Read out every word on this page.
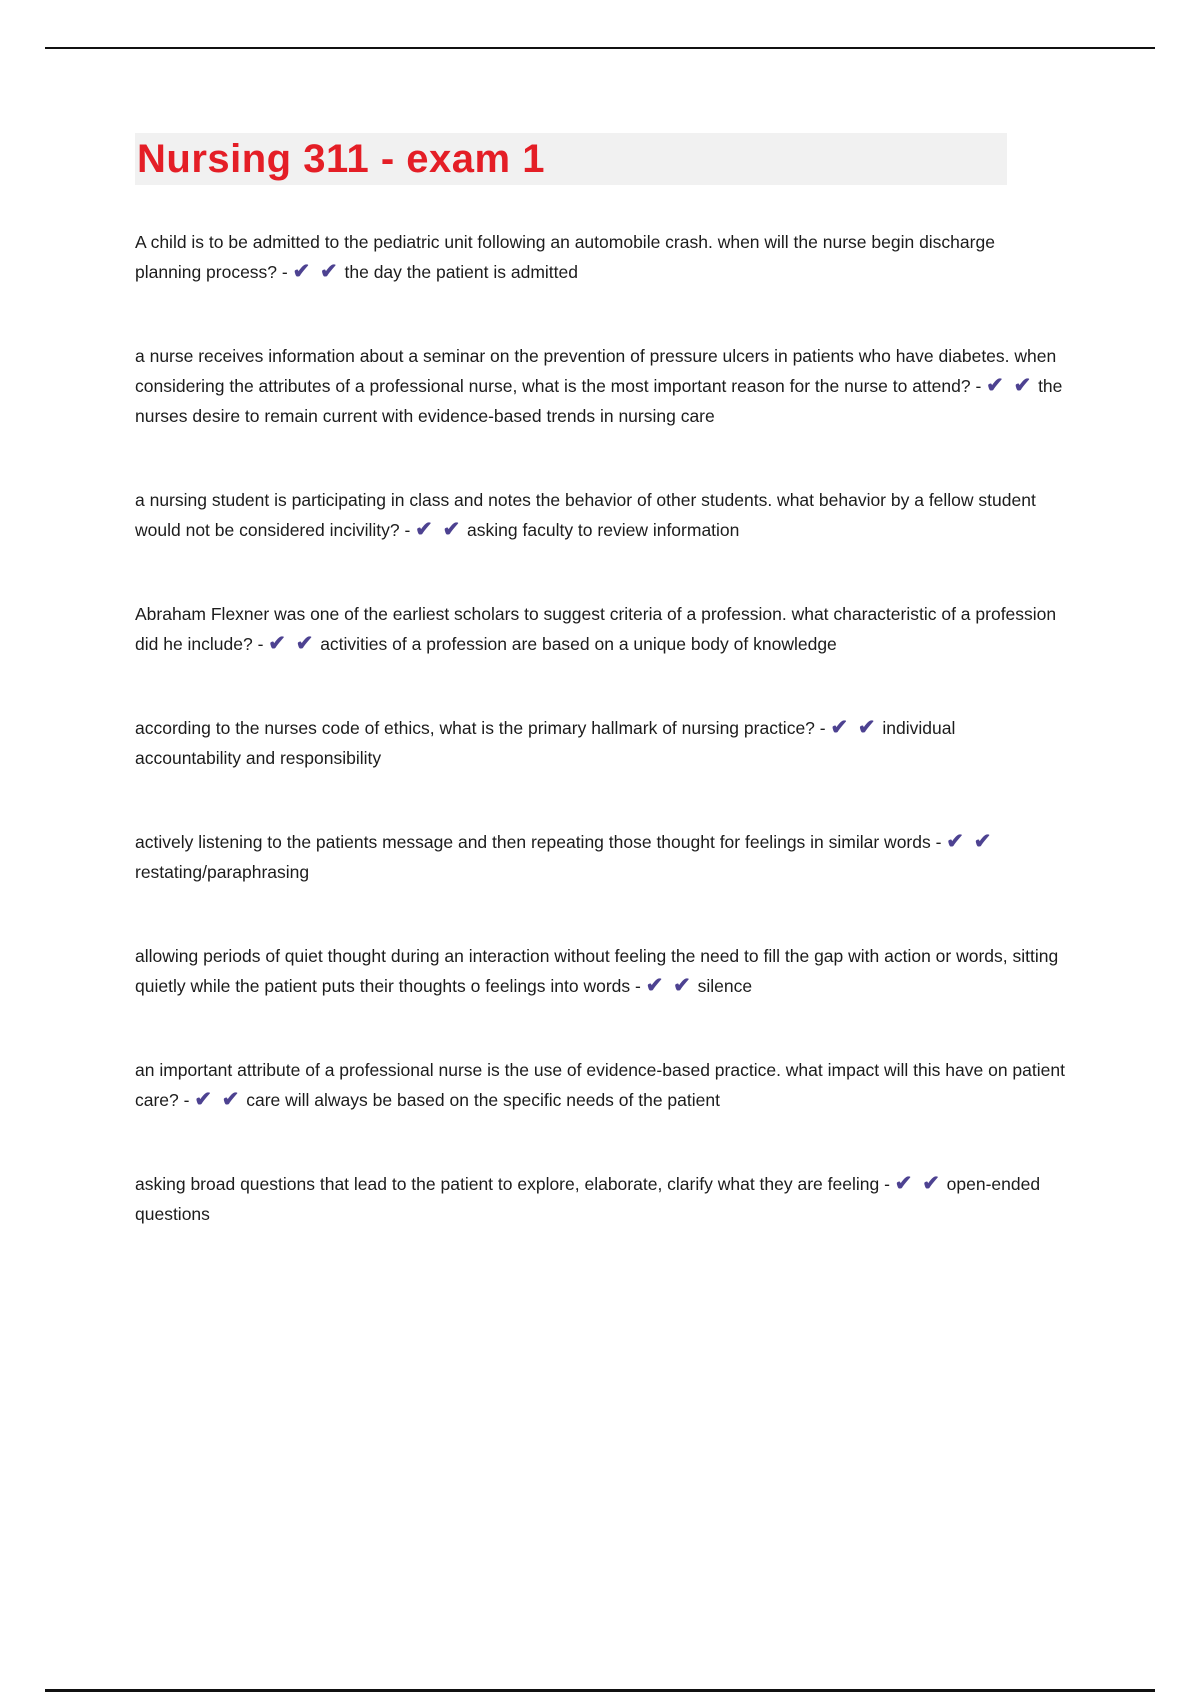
Nursing 311 - exam 1

A child is to be admitted to the pediatric unit following an automobile crash. when will the nurse begin discharge planning process? - ✔ ✔ the day the patient is admitted

a nurse receives information about a seminar on the prevention of pressure ulcers in patients who have diabetes. when considering the attributes of a professional nurse, what is the most important reason for the nurse to attend? - ✔ ✔ the nurses desire to remain current with evidence-based trends in nursing care

a nursing student is participating in class and notes the behavior of other students. what behavior by a fellow student would not be considered incivility? - ✔ ✔ asking faculty to review information

Abraham Flexner was one of the earliest scholars to suggest criteria of a profession. what characteristic of a profession did he include? - ✔ ✔ activities of a profession are based on a unique body of knowledge

according to the nurses code of ethics, what is the primary hallmark of nursing practice? - ✔ ✔ individual accountability and responsibility

actively listening to the patients message and then repeating those thought for feelings in similar words - ✔ ✔ restating/paraphrasing

allowing periods of quiet thought during an interaction without feeling the need to fill the gap with action or words, sitting quietly while the patient puts their thoughts o feelings into words - ✔ ✔ silence

an important attribute of a professional nurse is the use of evidence-based practice. what impact will this have on patient care? - ✔ ✔ care will always be based on the specific needs of the patient

asking broad questions that lead to the patient to explore, elaborate, clarify what they are feeling - ✔ ✔ open-ended questions
